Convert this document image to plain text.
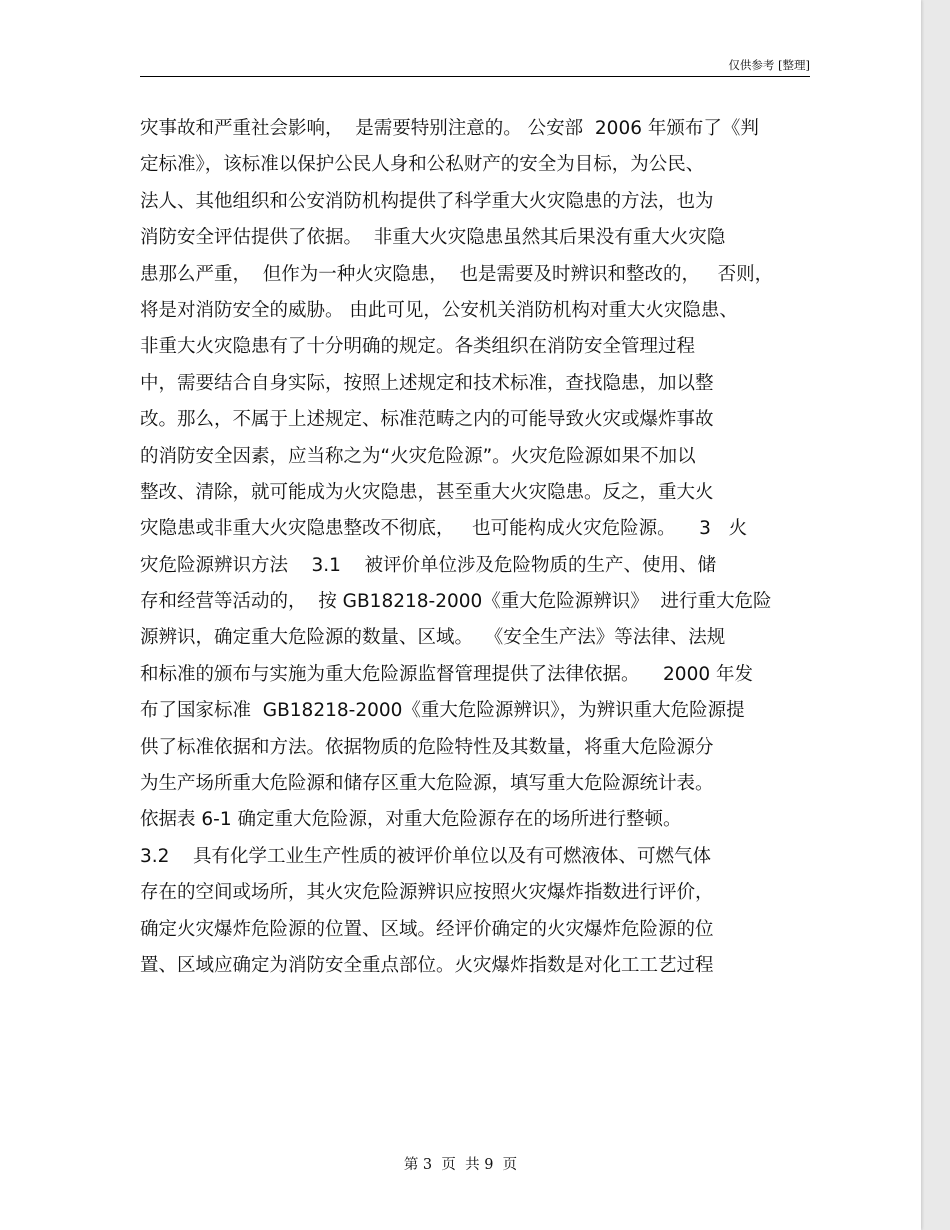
仅供参考 [整理]
灾事故和严重社会影响，  是需要特别注意的。 公安部  2006 年颁布了《判
定标准》，该标准以保护公民人身和公私财产的安全为目标，为公民、
法人、其他组织和公安消防机构提供了科学重大火灾隐患的方法，也为
消防安全评估提供了依据。  非重大火灾隐患虽然其后果没有重大火灾隐
患那么严重，  但作为一种火灾隐患，  也是需要及时辨识和整改的，   否则，
将是对消防安全的威胁。 由此可见，公安机关消防机构对重大火灾隐患、
非重大火灾隐患有了十分明确的规定。各类组织在消防安全管理过程
中，需要结合自身实际，按照上述规定和技术标准，查找隐患，加以整
改。那么，不属于上述规定、标准范畴之内的可能导致火灾或爆炸事故
的消防安全因素，应当称之为“火灾危险源”。火灾危险源如果不加以
整改、清除，就可能成为火灾隐患，甚至重大火灾隐患。反之，重大火
灾隐患或非重大火灾隐患整改不彻底，   也可能构成火灾危险源。    3   火
灾危险源辨识方法    3.1    被评价单位涉及危险物质的生产、使用、储
存和经营等活动的，  按 GB18218-2000《重大危险源辨识》  进行重大危险
源辨识，确定重大危险源的数量、区域。  《安全生产法》等法律、法规
和标准的颁布与实施为重大危险源监督管理提供了法律依据。    2000 年发
布了国家标准  GB18218-2000《重大危险源辨识》，为辨识重大危险源提
供了标准依据和方法。依据物质的危险特性及其数量，将重大危险源分
为生产场所重大危险源和储存区重大危险源，填写重大危险源统计表。
依据表 6-1 确定重大危险源，对重大危险源存在的场所进行整顿。
3.2    具有化学工业生产性质的被评价单位以及有可燃液体、可燃气体
存在的空间或场所，其火灾危险源辨识应按照火灾爆炸指数进行评价，
确定火灾爆炸危险源的位置、区域。经评价确定的火灾爆炸危险源的位
置、区域应确定为消防安全重点部位。火灾爆炸指数是对化工工艺过程
第 3  页  共 9  页
